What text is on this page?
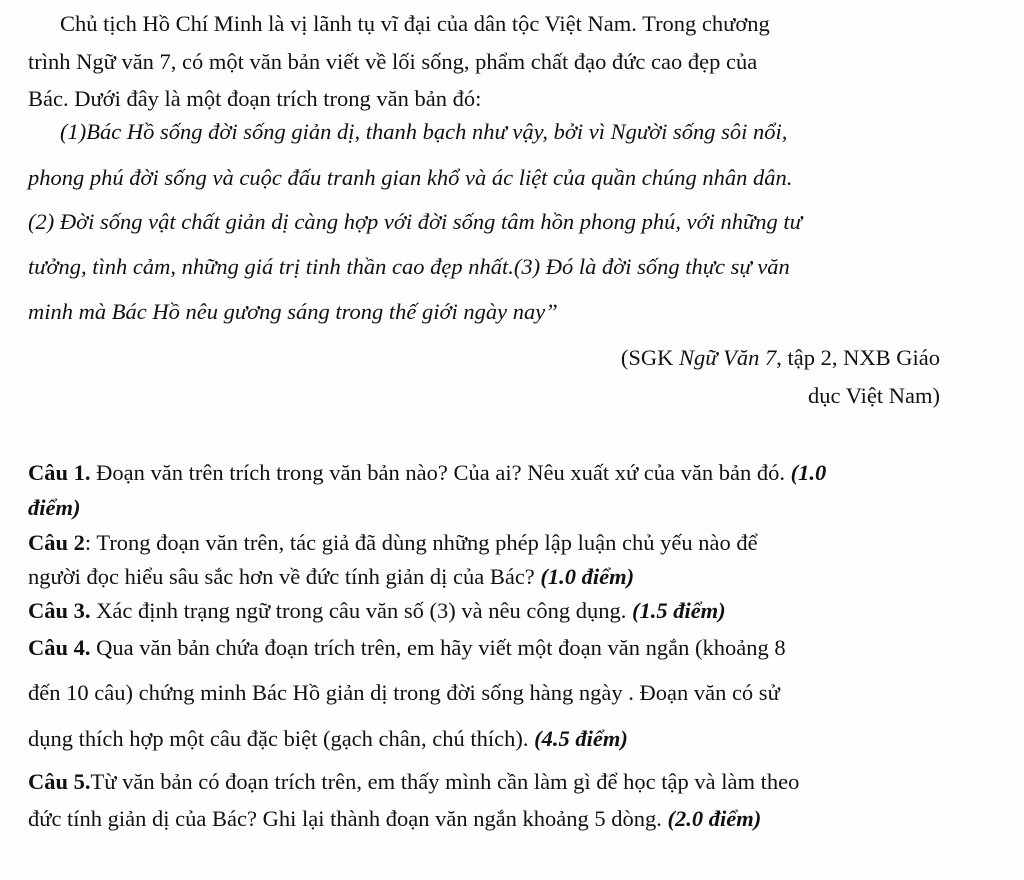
Chủ tịch Hồ Chí Minh là vị lãnh tụ vĩ đại của dân tộc Việt Nam. Trong chương
trình Ngữ văn 7, có một văn bản viết về lối sống, phẩm chất đạo đức cao đẹp của
Bác. Dưới đây là một đoạn trích trong văn bản đó:
(1)Bác Hồ sống đời sống giản dị, thanh bạch như vậy, bởi vì Người sống sôi nổi,
phong phú đời sống và cuộc đấu tranh gian khổ và ác liệt của quần chúng nhân dân.
(2) Đời sống vật chất giản dị càng hợp với đời sống tâm hồn phong phú, với những tư
tưởng, tình cảm, những giá trị tinh thần cao đẹp nhất.(3) Đó là đời sống thực sự văn
minh mà Bác Hồ nêu gương sáng trong thế giới ngày nay”
(SGK Ngữ Văn 7, tập 2, NXB Giáo
dục Việt Nam)
Câu 1. Đoạn văn trên trích trong văn bản nào? Của ai? Nêu xuất xứ của văn bản đó. (1.0
điểm)
Câu 2: Trong đoạn văn trên, tác giả đã dùng những phép lập luận chủ yếu nào để
người đọc hiểu sâu sắc hơn về đức tính giản dị của Bác? (1.0 điểm)
Câu 3. Xác định trạng ngữ trong câu văn số (3) và nêu công dụng. (1.5 điểm)
Câu 4. Qua văn bản chứa đoạn trích trên, em hãy viết một đoạn văn ngắn (khoảng 8
đến 10 câu) chứng minh Bác Hồ giản dị trong đời sống hàng ngày . Đoạn văn có sử
dụng thích hợp một câu đặc biệt (gạch chân, chú thích). (4.5 điểm)
Câu 5.Từ văn bản có đoạn trích trên, em thấy mình cần làm gì để học tập và làm theo
đức tính giản dị của Bác? Ghi lại thành đoạn văn ngắn khoảng 5 dòng. (2.0 điểm)
